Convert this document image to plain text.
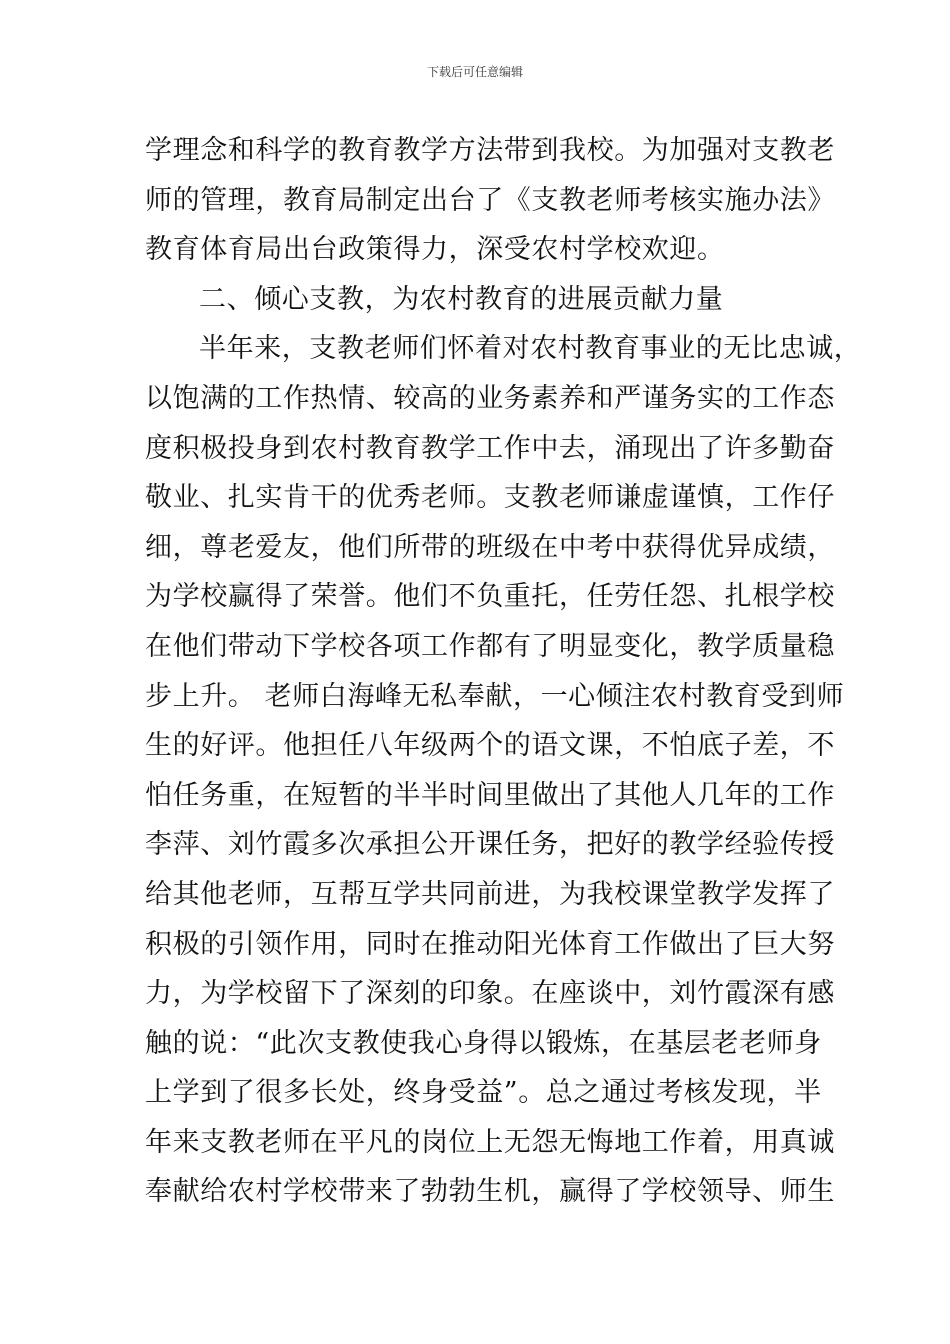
下载后可任意编辑
学理念和科学的教育教学方法带到我校。为加强对支教老
师的管理，教育局制定出台了《支教老师考核实施办法》
教育体育局出台政策得力，深受农村学校欢迎。
二、倾心支教，为农村教育的进展贡献力量
半年来，支教老师们怀着对农村教育事业的无比忠诚，
以饱满的工作热情、较高的业务素养和严谨务实的工作态
度积极投身到农村教育教学工作中去，涌现出了许多勤奋
敬业、扎实肯干的优秀老师。支教老师谦虚谨慎，工作仔
细，尊老爱友，他们所带的班级在中考中获得优异成绩，
为学校赢得了荣誉。他们不负重托，任劳任怨、扎根学校
在他们带动下学校各项工作都有了明显变化，教学质量稳
步上升。 老师白海峰无私奉献，一心倾注农村教育受到师
生的好评。他担任八年级两个的语文课，不怕底子差，不
怕任务重，在短暂的半半时间里做出了其他人几年的工作
李萍、刘竹霞多次承担公开课任务，把好的教学经验传授
给其他老师，互帮互学共同前进，为我校课堂教学发挥了
积极的引领作用，同时在推动阳光体育工作做出了巨大努
力，为学校留下了深刻的印象。在座谈中，刘竹霞深有感
触的说：“此次支教使我心身得以锻炼，在基层老老师身
上学到了很多长处，终身受益”。总之通过考核发现，半
年来支教老师在平凡的岗位上无怨无悔地工作着，用真诚
奉献给农村学校带来了勃勃生机，赢得了学校领导、师生
